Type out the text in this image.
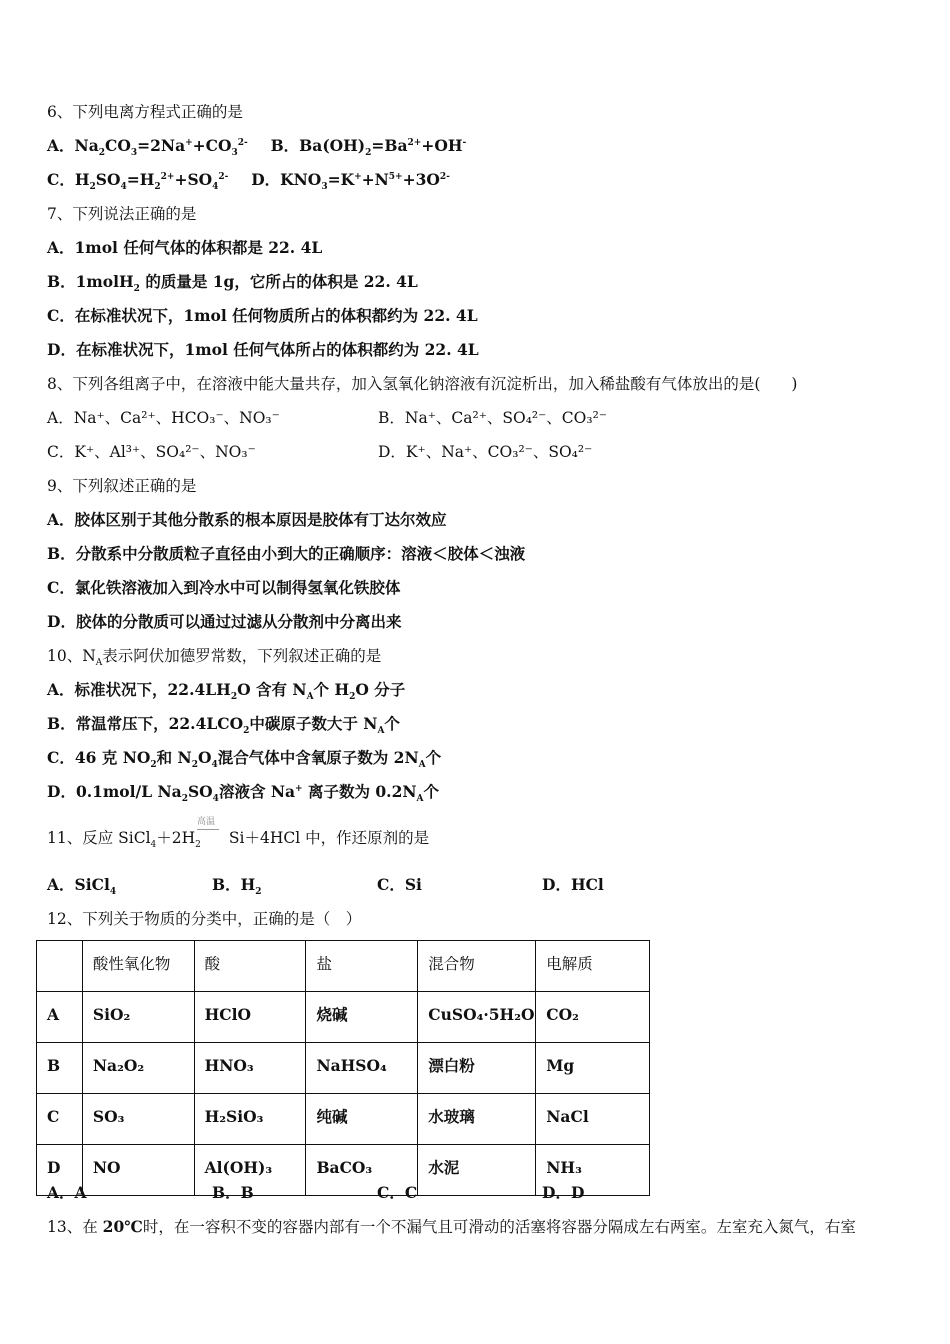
6、下列电离方程式正确的是
A．$Na_2CO_3=2Na^++CO_3^{2-}$ B．$Ba(OH)_2=Ba^{2+}+OH^-$
C．$H_2SO_4=H_2^{2+}+SO_4^{2-}$ D．$KNO_3=K^++N^{5+}+3O^{2-}$
7、下列说法正确的是
A．1mol 任何气体的体积都是 22. 4L
B．1molH$_2$ 的质量是 1g，它所占的体积是 22. 4L
C．在标准状况下，1mol 任何物质所占的体积都约为 22. 4L
D．在标准状况下，1mol 任何气体所占的体积都约为 22. 4L
8、下列各组离子中，在溶液中能大量共存，加入氢氧化钠溶液有沉淀析出，加入稀盐酸有气体放出的是(　　)
A．Na⁺、Ca²⁺、HCO₃⁻、NO₃⁻	B．Na⁺、Ca²⁺、SO₄²⁻、CO₃²⁻
C．K⁺、Al³⁺、SO₄²⁻、NO₃⁻	D．K⁺、Na⁺、CO₃²⁻、SO₄²⁻
9、下列叙述正确的是
A．胶体区别于其他分散系的根本原因是胶体有丁达尔效应
B．分散系中分散质粒子直径由小到大的正确顺序：溶液＜胶体＜浊液
C．氯化铁溶液加入到冷水中可以制得氢氧化铁胶体
D．胶体的分散质可以通过过滤从分散剂中分离出来
10、$N_A$表示阿伏加德罗常数，下列叙述正确的是
A．标准状况下，$22.4LH_2O$ 含有 $N_A$个 $H_2O$ 分子
B．常温常压下，$22.4LCO_2$中碳原子数大于 $N_A$个
C．46 克 $NO_2$和 $N_2O_4$混合气体中含氧原子数为 $2N_A$个
D．0.1mol/L $Na_2SO_4$溶液含 Na+ 离子数为 $0.2N_A$个
11、反应 $SiCl_4+2H_2$ Si＋4HCl 中，作还原剂的是
高温
A．SiCl$_4$	B．$H_2$	C．Si	D．HCl
12、下列关于物质的分类中，正确的是（　）
	酸性氧化物	酸	盐	混合物	电解质
A	SiO₂	HClO	烧碱	CuSO₄·5H₂O	CO₂
B	Na₂O₂	HNO₃	NaHSO₄	漂白粉	Mg
C	SO₃	H₂SiO₃	纯碱	水玻璃	NaCl
D	NO	Al(OH)₃	BaCO₃	水泥	NH₃
A．A	B．B	C．C	D．D
13、在 20℃时，在一容积不变的容器内部有一个不漏气且可滑动的活塞将容器分隔成左右两室。左室充入氮气，右室
